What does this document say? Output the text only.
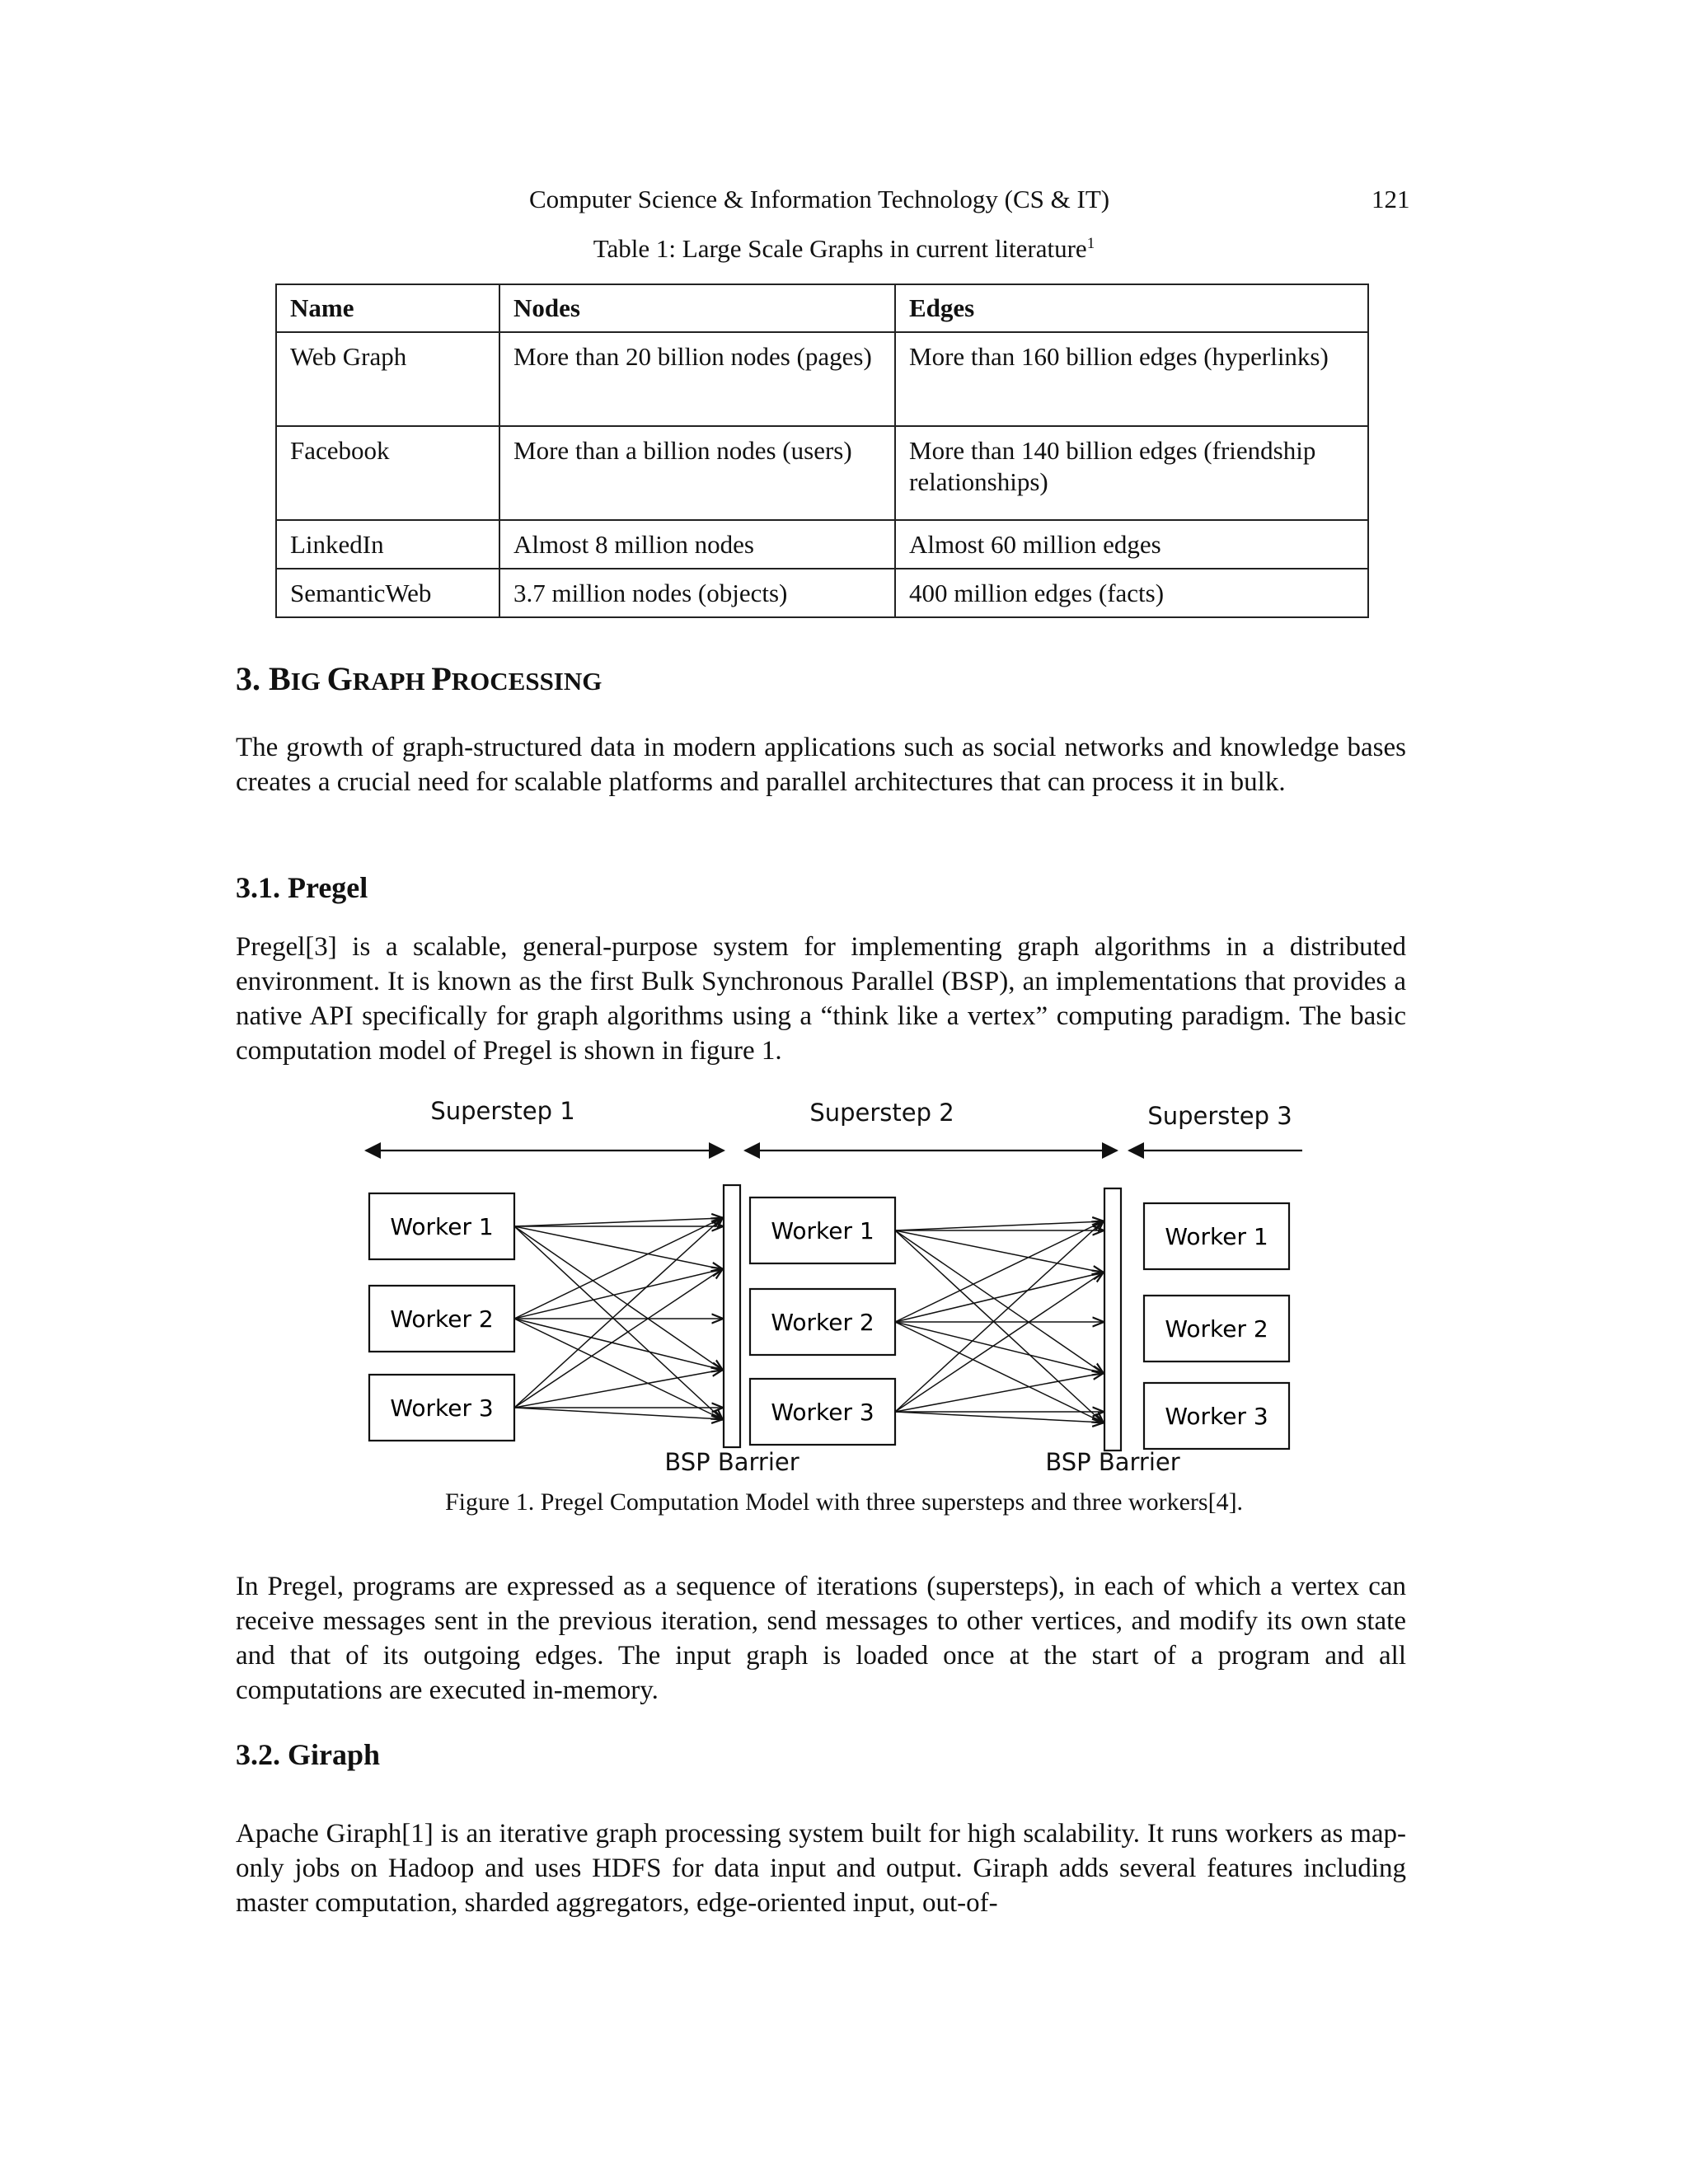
Computer Science & Information Technology (CS & IT)	121
Table 1: Large Scale Graphs in current literature$^1$
Name	Nodes	Edges
Web Graph	More than 20 billion nodes (pages)	More than 160 billion edges (hyperlinks)
Facebook	More than a billion nodes (users)	More than 140 billion edges (friendship relationships)
LinkedIn	Almost 8 million nodes	Almost 60 million edges
SemanticWeb	3.7 million nodes (objects)	400 million edges (facts)
3. BIG GRAPH PROCESSING
The growth of graph-structured data in modern applications such as social networks and knowledge bases creates a crucial need for scalable platforms and parallel architectures that can process it in bulk.
3.1. Pregel
Pregel[3] is a scalable, general-purpose system for implementing graph algorithms in a distributed environment. It is known as the first Bulk Synchronous Parallel (BSP), an implementations that provides a native API specifically for graph algorithms using a “think like a vertex” computing paradigm. The basic computation model of Pregel is shown in figure 1.
Superstep 1	Superstep 2	Superstep 3
Worker 1
Worker 2
Worker 3
Worker 1
Worker 2
Worker 3
Worker 1
Worker 2
Worker 3
BSP Barrier	BSP Barrier
Figure 1. Pregel Computation Model with three supersteps and three workers[4].
In Pregel, programs are expressed as a sequence of iterations (supersteps), in each of which a vertex can receive messages sent in the previous iteration, send messages to other vertices, and modify its own state and that of its outgoing edges. The input graph is loaded once at the start of a program and all computations are executed in-memory.
3.2. Giraph
Apache Giraph[1] is an iterative graph processing system built for high scalability. It runs workers as map-only jobs on Hadoop and uses HDFS for data input and output. Giraph adds several features including master computation, sharded aggregators, edge-oriented input, out-of-
